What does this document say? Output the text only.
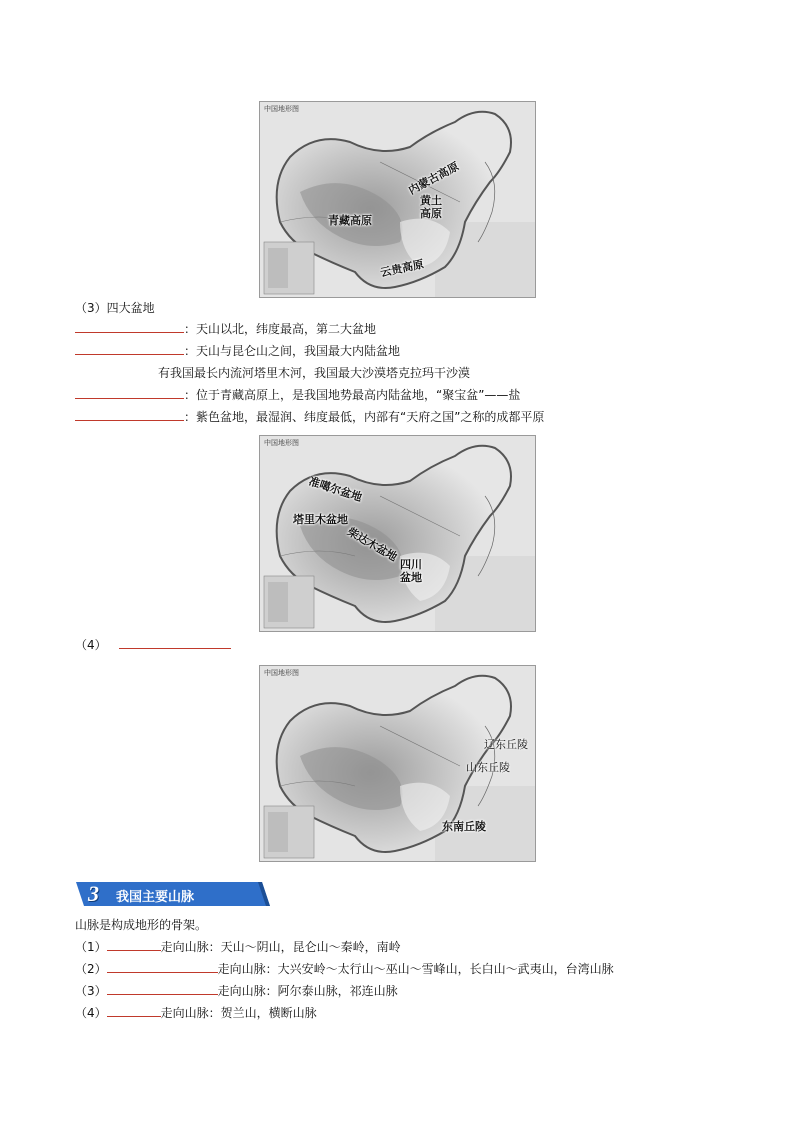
中国地形图
内蒙古高原
黄土高原
青藏高原
云贵高原
（3）四大盆地
：天山以北，纬度最高，第二大盆地
：天山与昆仑山之间，我国最大内陆盆地
有我国最长内流河塔里木河，我国最大沙漠塔克拉玛干沙漠
：位于青藏高原上，是我国地势最高内陆盆地，“聚宝盆”——盐
：紫色盆地，最湿润、纬度最低，内部有“天府之国”之称的成都平原
中国地形图
准噶尔盆地
塔里木盆地
柴达木盆地
四川盆地
（4）
中国地形图
辽东丘陵
山东丘陵
东南丘陵
3 我国主要山脉
山脉是构成地形的骨架。
（1）	走向山脉：天山～阴山，昆仑山～秦岭，南岭
（2）	走向山脉：大兴安岭～太行山～巫山～雪峰山，长白山～武夷山，台湾山脉
（3）	走向山脉：阿尔泰山脉，祁连山脉
（4）	走向山脉：贺兰山，横断山脉
